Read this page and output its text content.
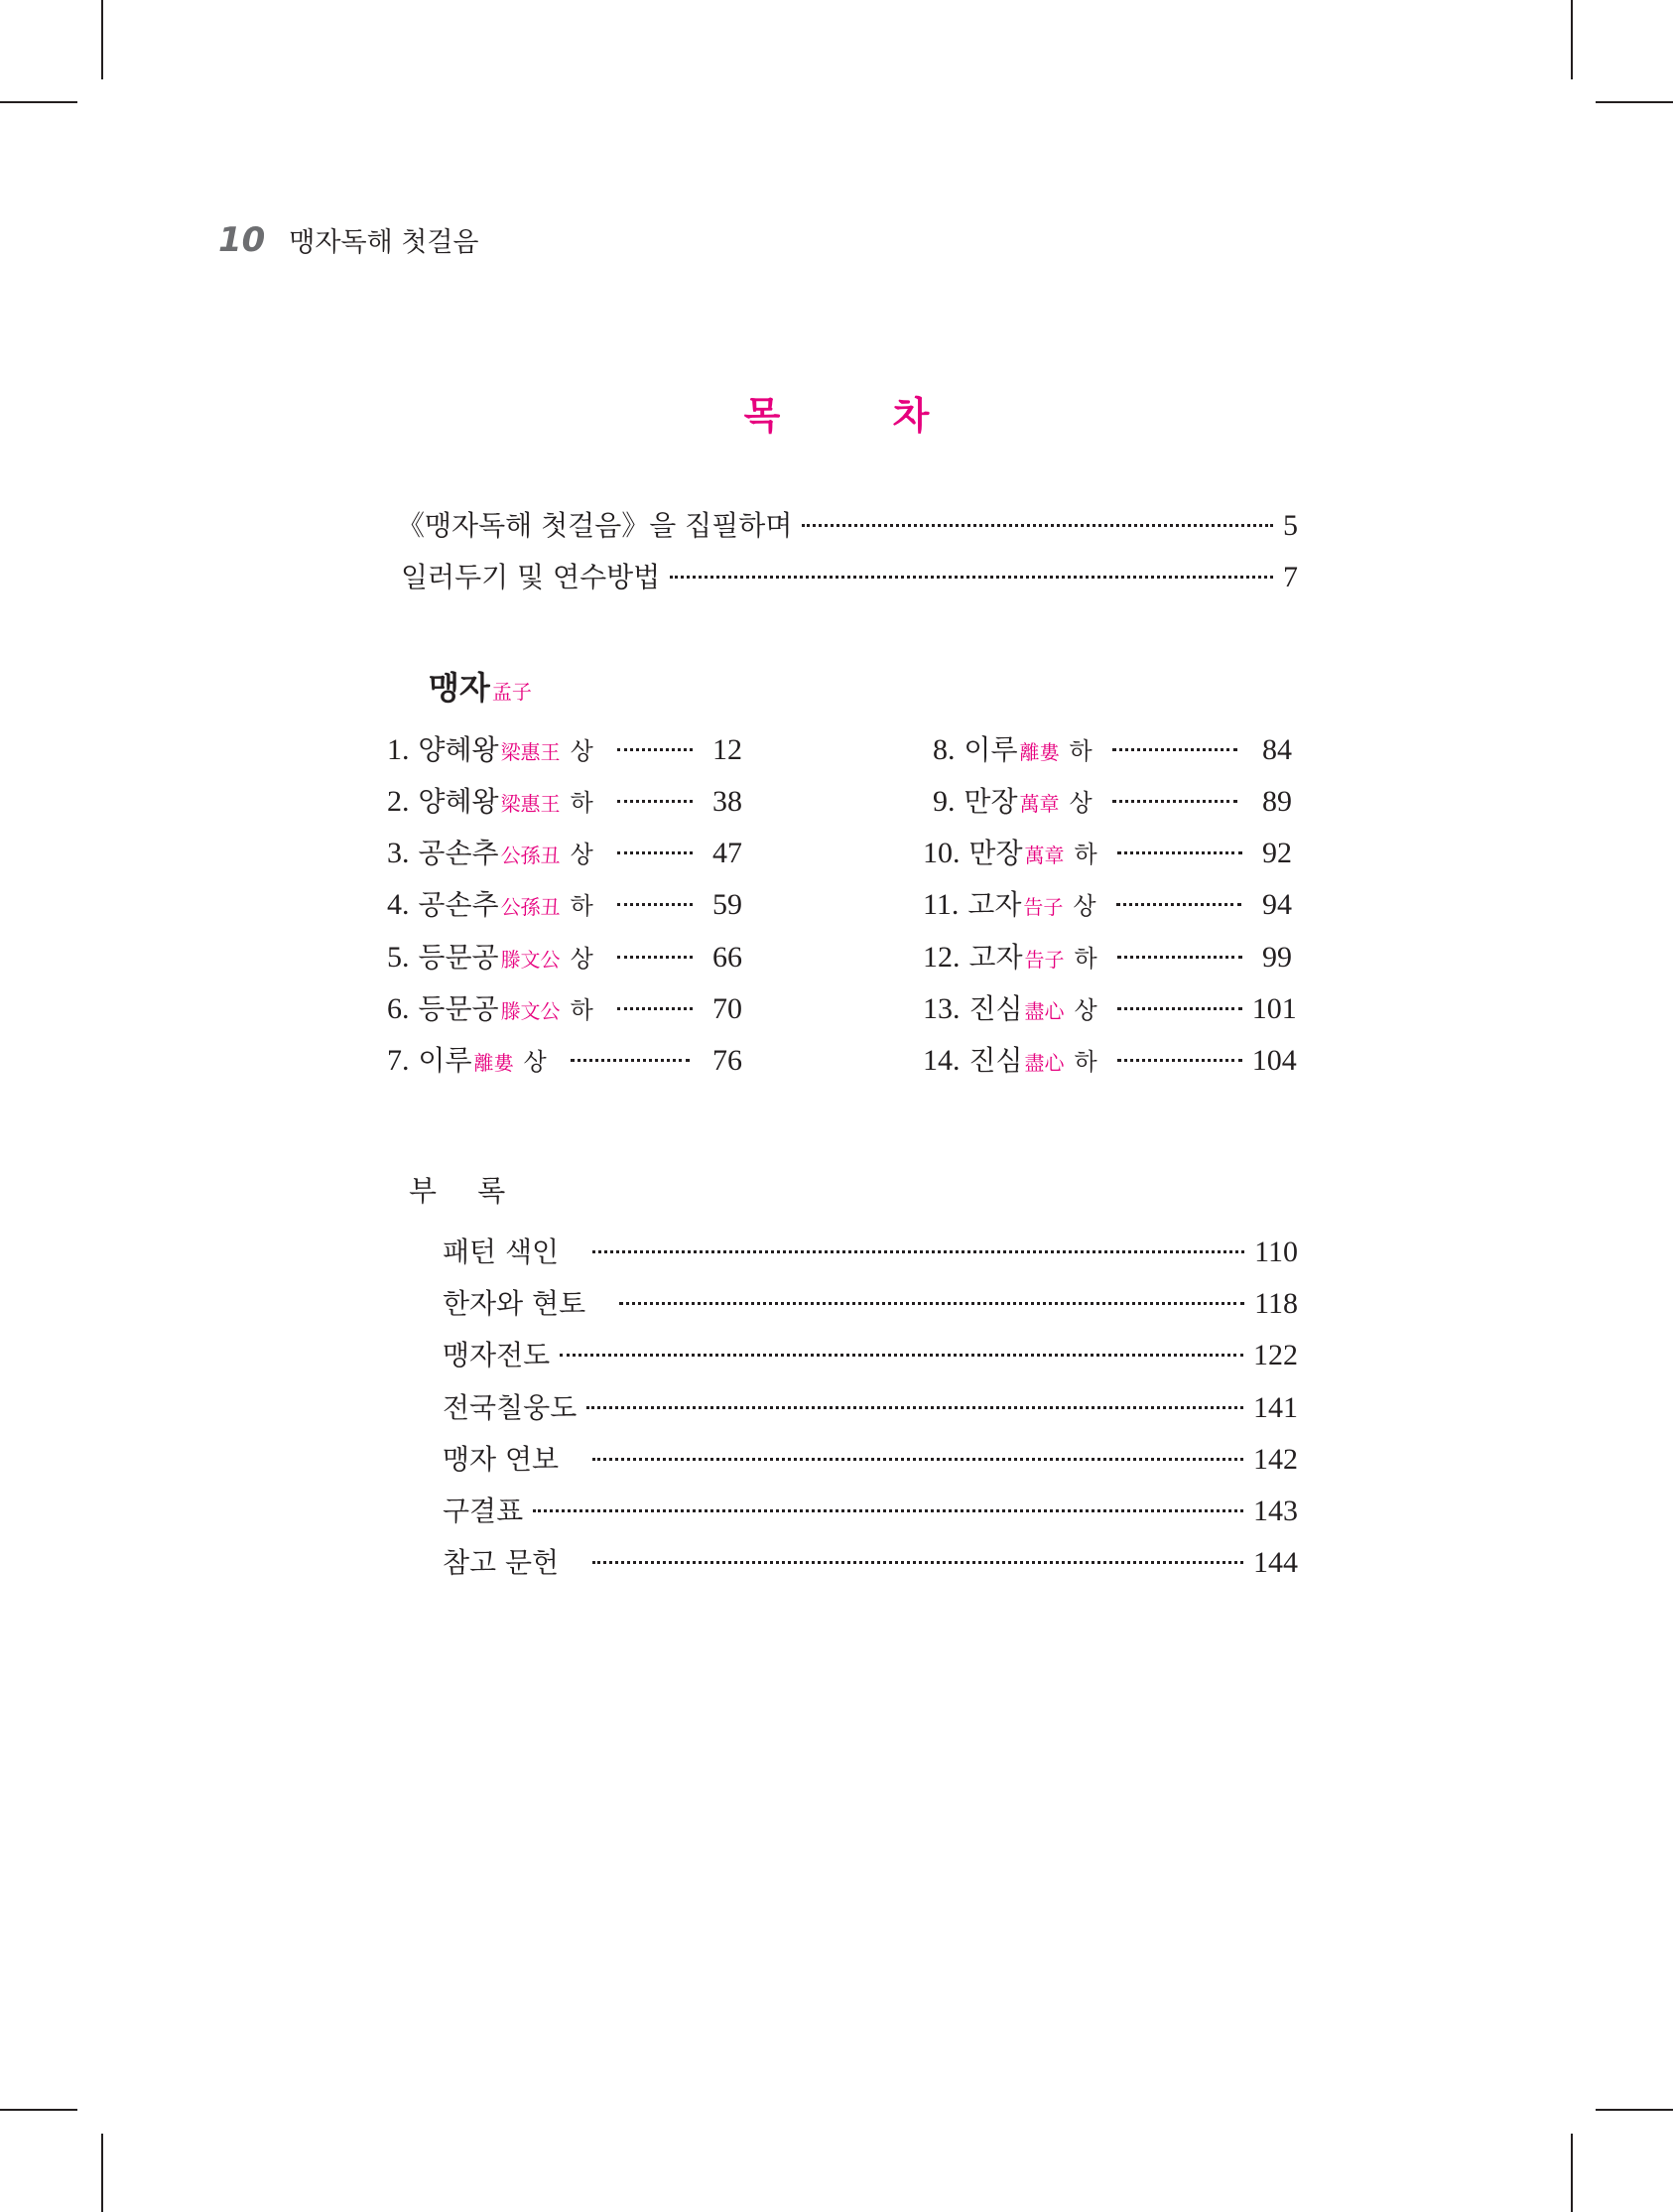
10 맹자독해 첫걸음
목 차
《맹자독해 첫걸음》을 집필하며	5
일러두기 및 연수방법	7
맹자 孟子
1. 양혜왕 梁惠王 상	12
2. 양혜왕 梁惠王 하	38
3. 공손추 公孫丑 상	47
4. 공손추 公孫丑 하	59
5. 등문공 滕文公 상	66
6. 등문공 滕文公 하	70
7. 이루 離婁 상	76
8. 이루 離婁 하	84
9. 만장 萬章 상	89
10. 만장 萬章 하	92
11. 고자 告子 상	94
12. 고자 告子 하	99
13. 진심 盡心 상	101
14. 진심 盡心 하	104
부 록
패턴 색인	110
한자와 현토	118
맹자전도	122
전국칠웅도	141
맹자 연보	142
구결표	143
참고 문헌	144
